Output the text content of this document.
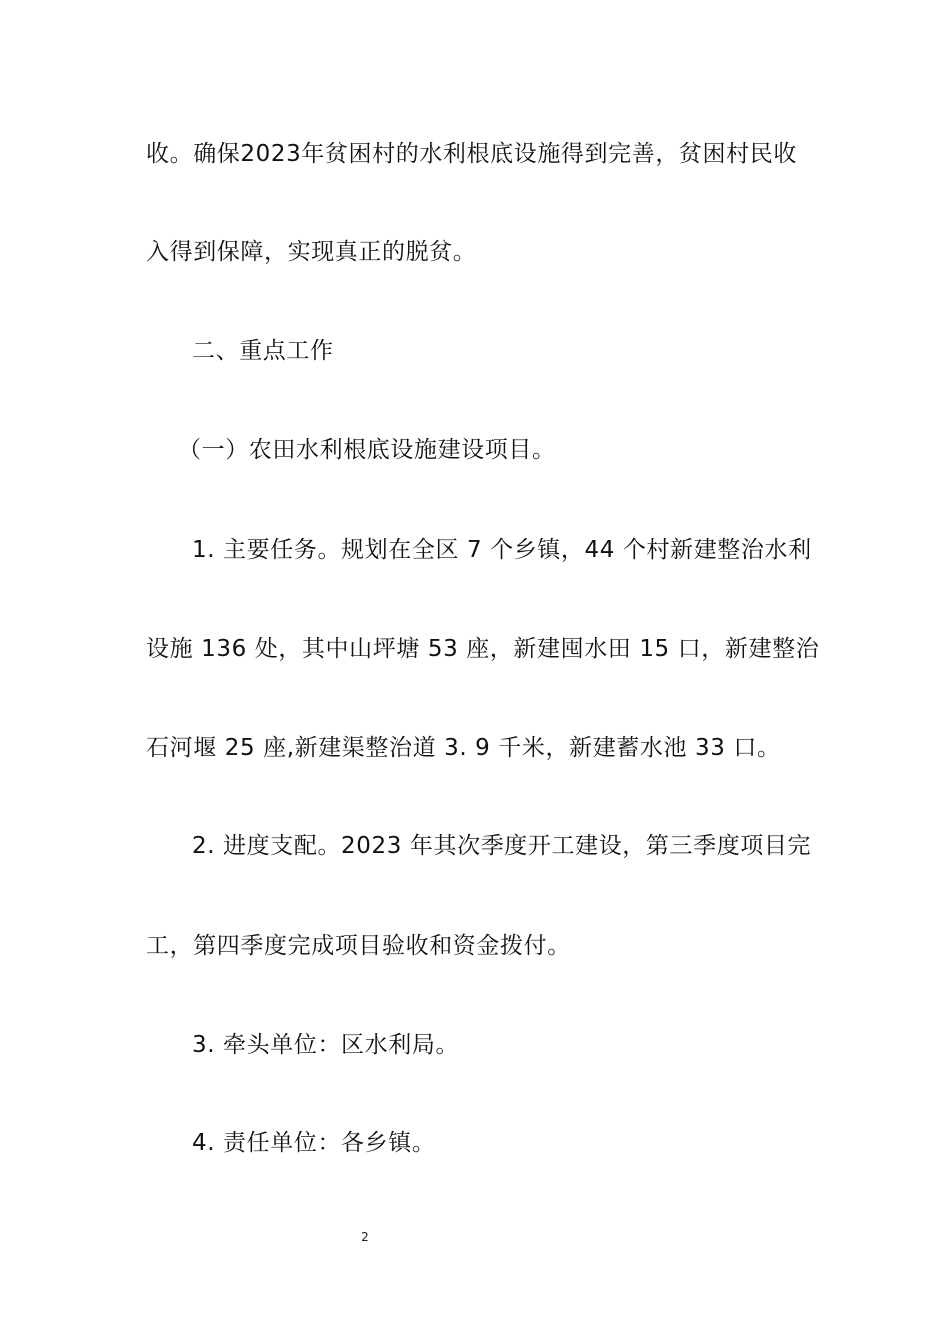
收。确保2023年贫困村的水利根底设施得到完善，贫困村民收
入得到保障，实现真正的脱贫。
二、重点工作
（一）农田水利根底设施建设项目。
1. 主要任务。规划在全区 7 个乡镇，44 个村新建整治水利
设施 136 处，其中山坪塘 53 座，新建囤水田 15 口，新建整治
石河堰 25 座,新建渠整治道 3. 9 千米，新建蓄水池 33 口。
2. 进度支配。2023 年其次季度开工建设，第三季度项目完
工，第四季度完成项目验收和资金拨付。
3. 牵头单位：区水利局。
4. 责任单位：各乡镇。
2
